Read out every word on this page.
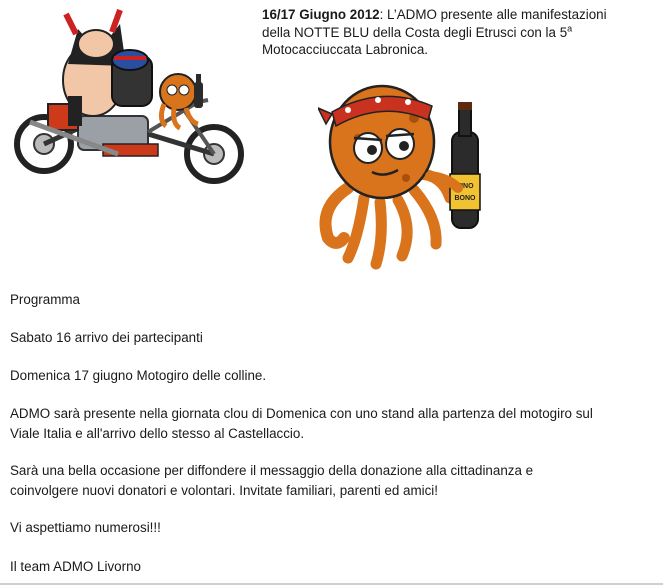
16/17 Giugno 2012: L’ADMO presente alle manifestazioni
della NOTTE BLU della Costa degli Etrusci con la 5$^a$
Motocacciuccata Labronica.
VINO
BONO
Programma
Sabato 16 arrivo dei partecipanti
Domenica 17 giugno Motogiro delle colline.
ADMO sarà presente nella giornata clou di Domenica con uno stand alla partenza del motogiro sul
Viale Italia e all'arrivo dello stesso al Castellaccio.
Sarà una bella occasione per diffondere il messaggio della donazione alla cittadinanza e
coinvolgere nuovi donatori e volontari. Invitate familiari, parenti ed amici!
Vi aspettiamo numerosi!!!
Il team ADMO Livorno
